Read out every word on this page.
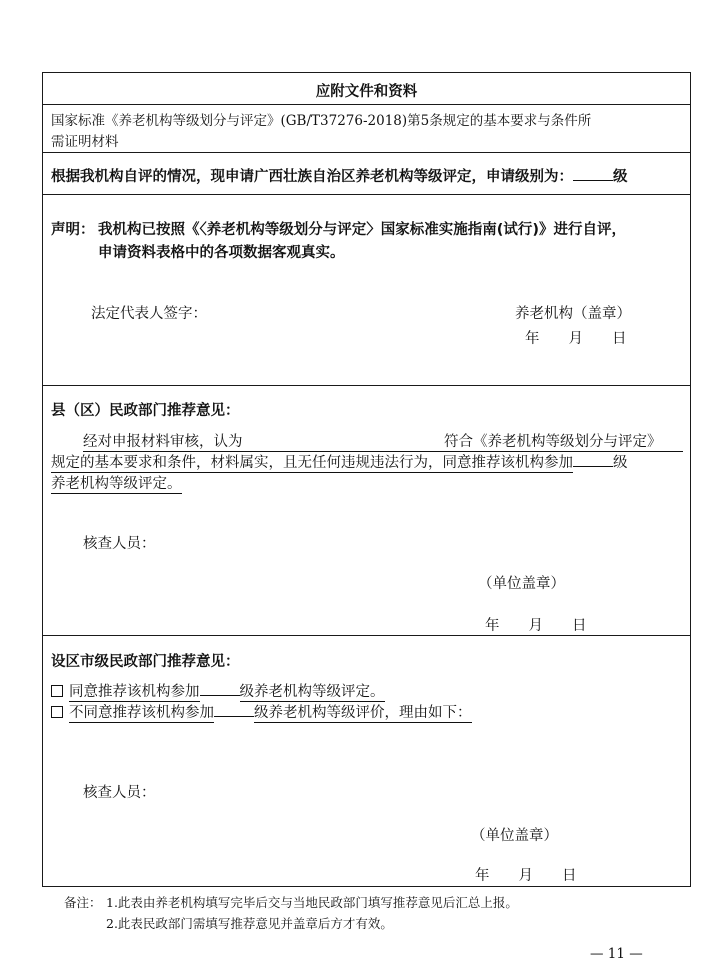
应附文件和资料
国家标准《养老机构等级划分与评定》(GB/T37276-2018)第5条规定的基本要求与条件所
需证明材料
根据我机构自评的情况，现申请广西壮族自治区养老机构等级评定，申请级别为：	级
声明： 我机构已按照《〈养老机构等级划分与评定〉国家标准实施指南(试行)》进行自评，
申请资料表格中的各项数据客观真实。
法定代表人签字：	养老机构（盖章）
年　　月　　日
县（区）民政部门推荐意见：
经对申报材料审核，认为	符合《养老机构等级划分与评定》
规定的基本要求和条件，材料属实，且无任何违规违法行为，同意推荐该机构参加	级
养老机构等级评定。
核查人员：
（单位盖章）
年　　月　　日
设区市级民政部门推荐意见：
同意推荐该机构参加	级养老机构等级评定。
不同意推荐该机构参加	级养老机构等级评价，理由如下：
核查人员：
（单位盖章）
年　　月　　日
备注： 1.此表由养老机构填写完毕后交与当地民政部门填写推荐意见后汇总上报。
2.此表民政部门需填写推荐意见并盖章后方才有效。
— 11 —
